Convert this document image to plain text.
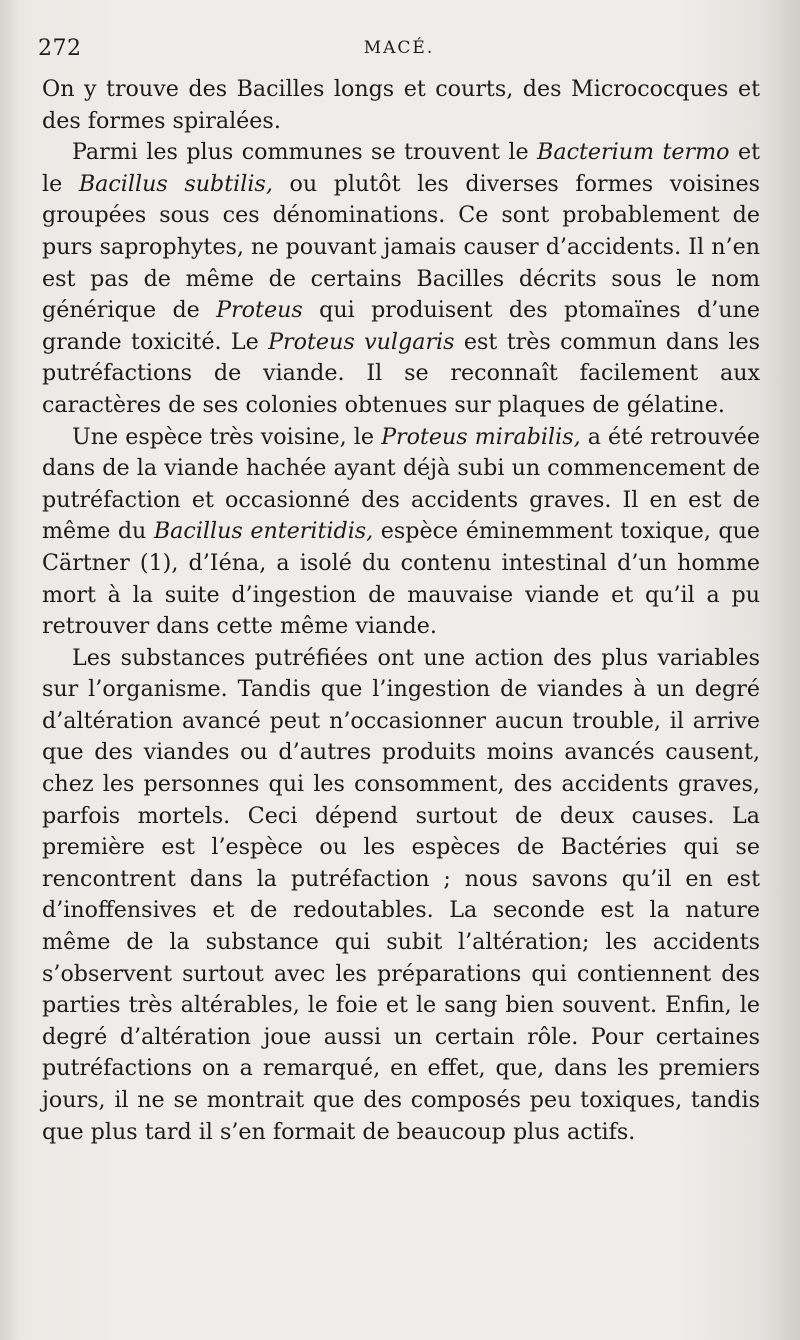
272	MACÉ.

On y trouve des Bacilles longs et courts, des Micrococques et des formes spiralées.

Parmi les plus communes se trouvent le Bacterium termo et le Bacillus subtilis, ou plutôt les diverses formes voisines groupées sous ces dénominations. Ce sont probablement de purs saprophytes, ne pouvant jamais causer d’accidents. Il n’en est pas de même de certains Bacilles décrits sous le nom générique de Proteus qui produisent des ptomaïnes d’une grande toxicité. Le Proteus vulgaris est très commun dans les putréfactions de viande. Il se reconnaît facilement aux caractères de ses colonies obtenues sur plaques de gélatine.

Une espèce très voisine, le Proteus mirabilis, a été retrouvée dans de la viande hachée ayant déjà subi un commencement de putréfaction et occasionné des accidents graves. Il en est de même du Bacillus enteritidis, espèce éminemment toxique, que Cärtner (1), d’Iéna, a isolé du contenu intestinal d’un homme mort à la suite d’ingestion de mauvaise viande et qu’il a pu retrouver dans cette même viande.

Les substances putréfiées ont une action des plus variables sur l’organisme. Tandis que l’ingestion de viandes à un degré d’altération avancé peut n’occasionner aucun trouble, il arrive que des viandes ou d’autres produits moins avancés causent, chez les personnes qui les consomment, des accidents graves, parfois mortels. Ceci dépend surtout de deux causes. La première est l’espèce ou les espèces de Bactéries qui se rencontrent dans la putréfaction ; nous savons qu’il en est d’inoffensives et de redoutables. La seconde est la nature même de la substance qui subit l’altération; les accidents s’observent surtout avec les préparations qui contiennent des parties très altérables, le foie et le sang bien souvent. Enfin, le degré d’altération joue aussi un certain rôle. Pour certaines putréfactions on a remarqué, en effet, que, dans les premiers jours, il ne se montrait que des composés peu toxiques, tandis que plus tard il s’en formait de beaucoup plus actifs.
